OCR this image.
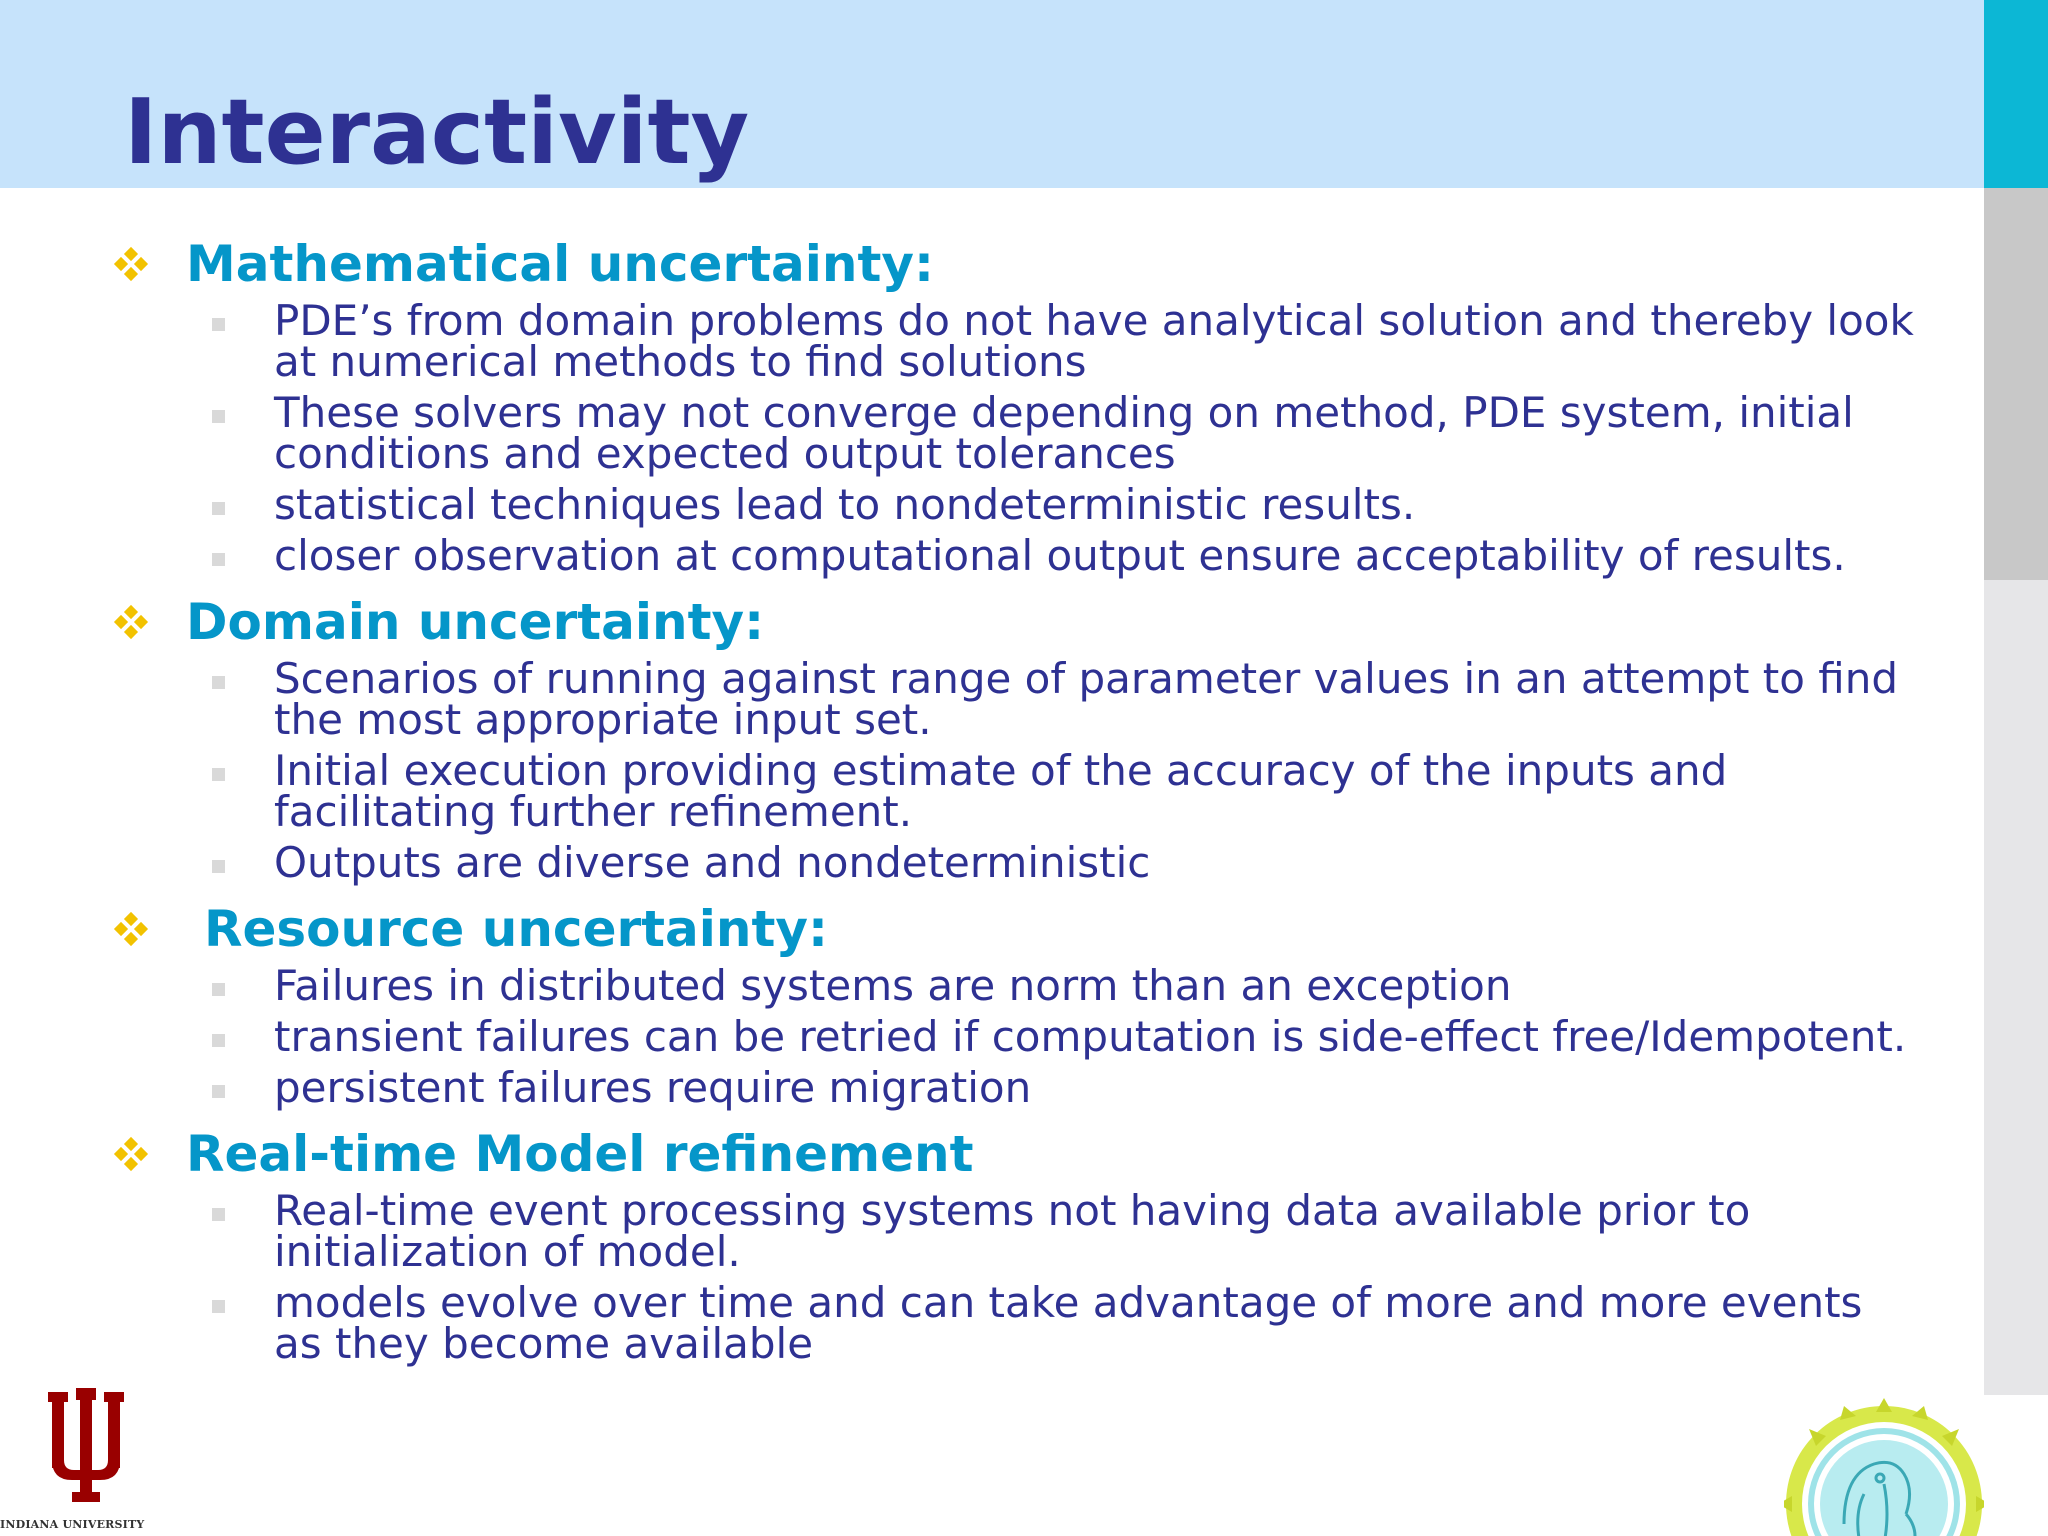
Interactivity
Mathematical uncertainty:
PDE’s from domain problems do not have analytical solution and thereby look
at numerical methods to find solutions
These solvers may not converge depending on method, PDE system, initial
conditions and expected output tolerances
statistical techniques lead to nondeterministic results.
closer observation at computational output ensure acceptability of results.
Domain uncertainty:
Scenarios of running against range of parameter values in an attempt to find
the most appropriate input set.
Initial execution providing estimate of the accuracy of the inputs and
facilitating further refinement.
Outputs are diverse and nondeterministic
Resource uncertainty:
Failures in distributed systems are norm than an exception
transient failures can be retried if computation is side-effect free/Idempotent.
persistent failures require migration
Real-time Model refinement
Real-time event processing systems not having data available prior to
initialization of model.
models evolve over time and can take advantage of more and more events
as they become available
INDIANA UNIVERSITY
